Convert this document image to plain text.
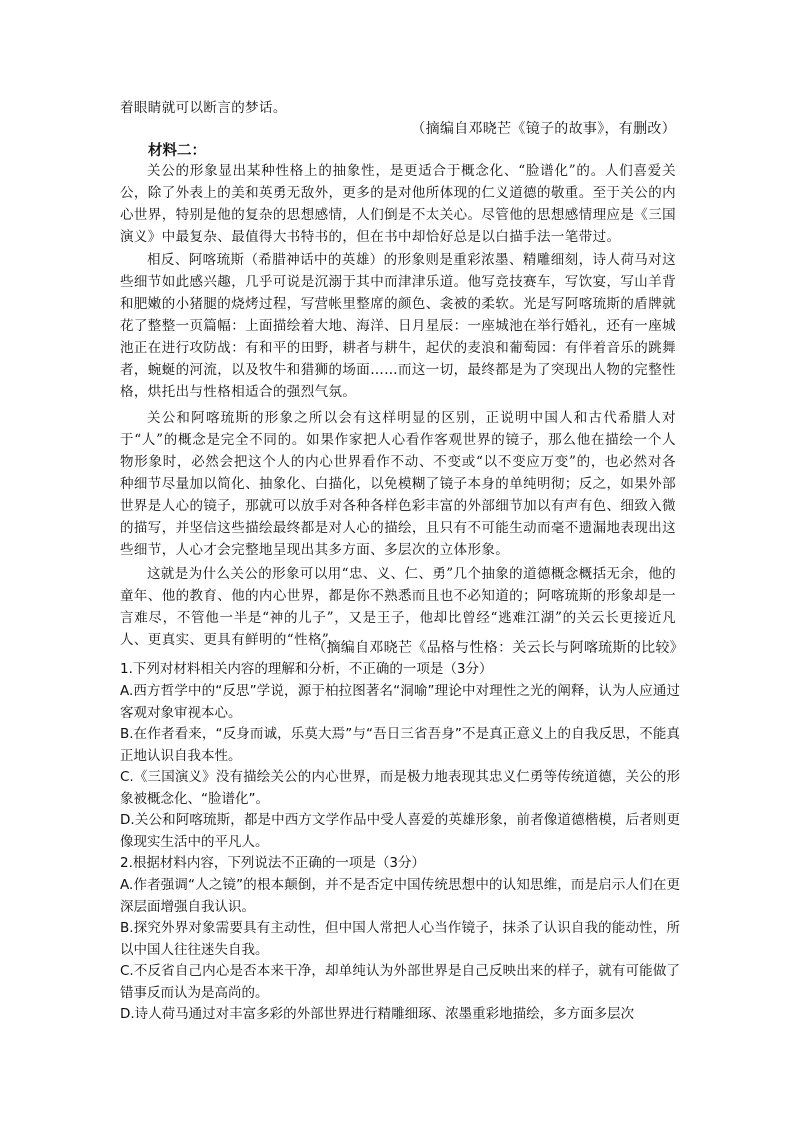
着眼睛就可以断言的梦话。

（摘编自邓晓芒《镜子的故事》，有删改）

材料二：

关公的形象显出某种性格上的抽象性，是更适合于概念化、“脸谱化”的。人们喜爱关公，除了外表上的美和英勇无敌外，更多的是对他所体现的仁义道德的敬重。至于关公的内心世界，特别是他的复杂的思想感情，人们倒是不太关心。尽管他的思想感情理应是《三国演义》中最复杂、最值得大书特书的，但在书中却恰好总是以白描手法一笔带过。

相反、阿喀琉斯（希腊神话中的英雄）的形象则是重彩浓墨、精雕细刻，诗人荷马对这些细节如此感兴趣，几乎可说是沉溺于其中而津津乐道。他写竞技赛车，写饮宴，写山羊背和肥嫩的小猪腿的烧烤过程，写营帐里整席的颜色、衾被的柔软。光是写阿喀琉斯的盾牌就花了整整一页篇幅：上面描绘着大地、海洋、日月星辰：一座城池在举行婚礼，还有一座城池正在进行攻防战：有和平的田野，耕者与耕牛，起伏的麦浪和葡萄园：有伴着音乐的跳舞者，蜿蜒的河流，以及牧牛和猎狮的场面……而这一切，最终都是为了突现出人物的完整性格，烘托出与性格相适合的强烈气氛。

关公和阿喀琉斯的形象之所以会有这样明显的区别，正说明中国人和古代希腊人对于“人”的概念是完全不同的。如果作家把人心看作客观世界的镜子，那么他在描绘一个人物形象时，必然会把这个人的内心世界看作不动、不变或“以不变应万变”的，也必然对各种细节尽量加以简化、抽象化、白描化，以免模糊了镜子本身的单纯明彻；反之，如果外部世界是人心的镜子，那就可以放手对各种各样色彩丰富的外部细节加以有声有色、细致入微的描写，并坚信这些描绘最终都是对人心的描绘，且只有不可能生动而毫不遗漏地表现出这些细节，人心才会完整地呈现出其多方面、多层次的立体形象。

这就是为什么关公的形象可以用“忠、义、仁、勇”几个抽象的道德概念概括无余，他的童年、他的教育、他的内心世界，都是你不熟悉而且也不必知道的；阿喀琉斯的形象却是一言难尽，不管他一半是“神的儿子”，又是王子，他却比曾经“逃难江湖”的关云长更接近凡人、更真实、更具有鲜明的“性格”。

（摘编自邓晓芒《品格与性格：关云长与阿喀琉斯的比较》

1.下列对材料相关内容的理解和分析，不正确的一项是（3分）

A.西方哲学中的“反思”学说，源于柏拉图著名“洞喻”理论中对理性之光的阐释，认为人应通过客观对象审视本心。

B.在作者看来，“反身而诚，乐莫大焉”与“吾日三省吾身”不是真正意义上的自我反思，不能真正地认识自我本性。

C.《三国演义》没有描绘关公的内心世界，而是极力地表现其忠义仁勇等传统道德，关公的形象被概念化、“脸谱化”。

D.关公和阿喀琉斯，都是中西方文学作品中受人喜爱的英雄形象，前者像道德楷模，后者则更像现实生活中的平凡人。

2.根据材料内容，下列说法不正确的一项是（3分）

A.作者强调“人之镜”的根本颠倒，并不是否定中国传统思想中的认知思维，而是启示人们在更深层面增强自我认识。

B.探究外界对象需要具有主动性，但中国人常把人心当作镜子，抹杀了认识自我的能动性，所以中国人往往迷失自我。

C.不反省自己内心是否本来干净，却单纯认为外部世界是自己反映出来的样子，就有可能做了错事反而认为是高尚的。

D.诗人荷马通过对丰富多彩的外部世界进行精雕细琢、浓墨重彩地描绘，多方面多层次
